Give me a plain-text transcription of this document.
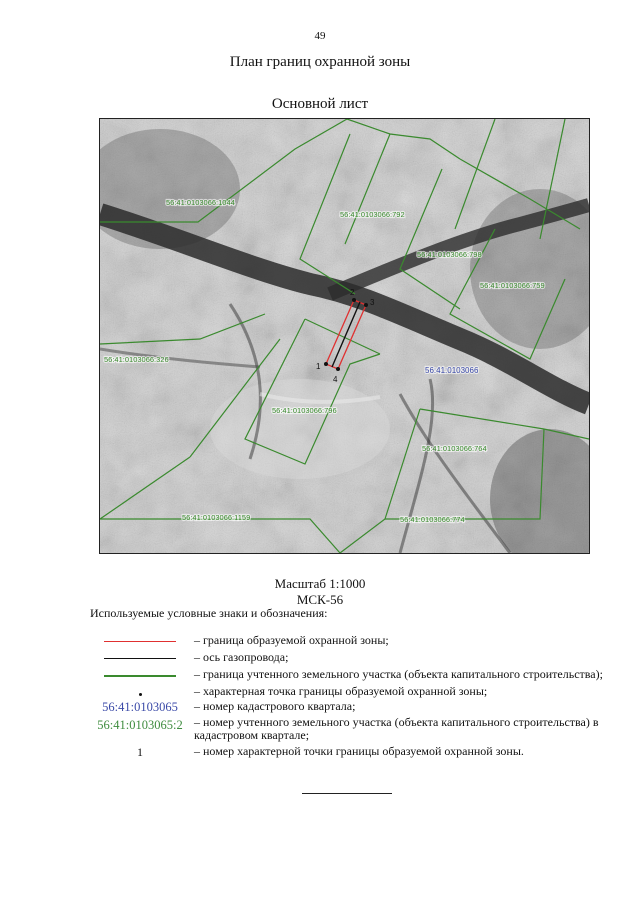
49
План границ охранной зоны
Основной лист
1
2
3
4
56:41:0103066:1044
56:41:0103066:792
56:41:0103066:798
56:41:0103066:759
56:41:0103066:326
56:41:0103066:796
56:41:0103066:764
56:41:0103066:1159	56:41:0103066:774
56:41:0103066
Масштаб 1:1000
МСК-56
Используемые условные знаки и обозначения:
– граница образуемой охранной зоны;
– ось газопровода;
– граница учтенного земельного участка (объекта капитального строительства);
– характерная точка границы образуемой охранной зоны;
56:41:0103065	– номер кадастрового квартала;
56:41:0103065:2 – номер учтенного земельного участка (объекта капитального строительства) в кадастровом квартале;
1	– номер характерной точки границы образуемой охранной зоны.
